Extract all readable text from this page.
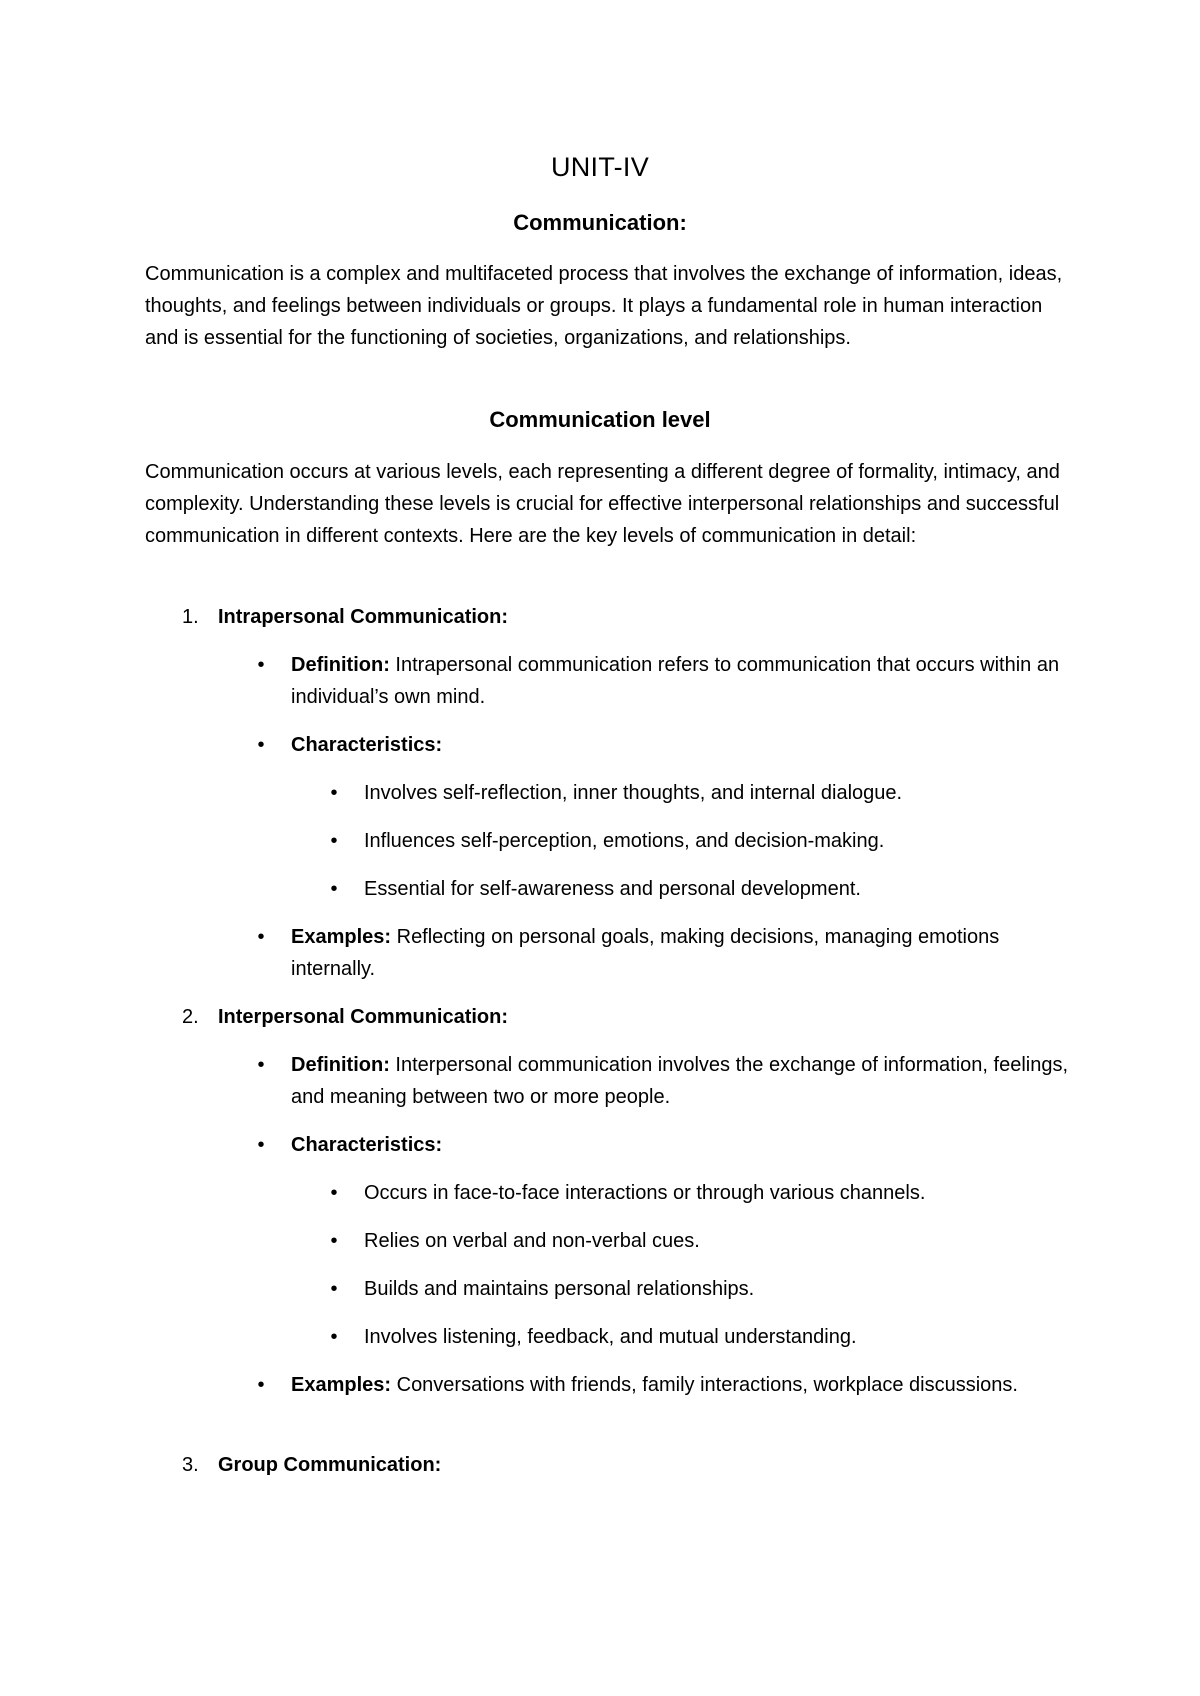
UNIT-IV
Communication:

Communication is a complex and multifaceted process that involves the exchange of information, ideas, thoughts, and feelings between individuals or groups. It plays a fundamental role in human interaction and is essential for the functioning of societies, organizations, and relationships.

Communication level

Communication occurs at various levels, each representing a different degree of formality, intimacy, and complexity. Understanding these levels is crucial for effective interpersonal relationships and successful communication in different contexts. Here are the key levels of communication in detail:

1. Intrapersonal Communication:
•	Definition: Intrapersonal communication refers to communication that occurs within an individual’s own mind.
•	Characteristics:
•	Involves self-reflection, inner thoughts, and internal dialogue.
•	Influences self-perception, emotions, and decision-making.
•	Essential for self-awareness and personal development.
•	Examples: Reflecting on personal goals, making decisions, managing emotions internally.
2. Interpersonal Communication:
•	Definition: Interpersonal communication involves the exchange of information, feelings, and meaning between two or more people.
•	Characteristics:
•	Occurs in face-to-face interactions or through various channels.
•	Relies on verbal and non-verbal cues.
•	Builds and maintains personal relationships.
•	Involves listening, feedback, and mutual understanding.
•	Examples: Conversations with friends, family interactions, workplace discussions.
3. Group Communication:
